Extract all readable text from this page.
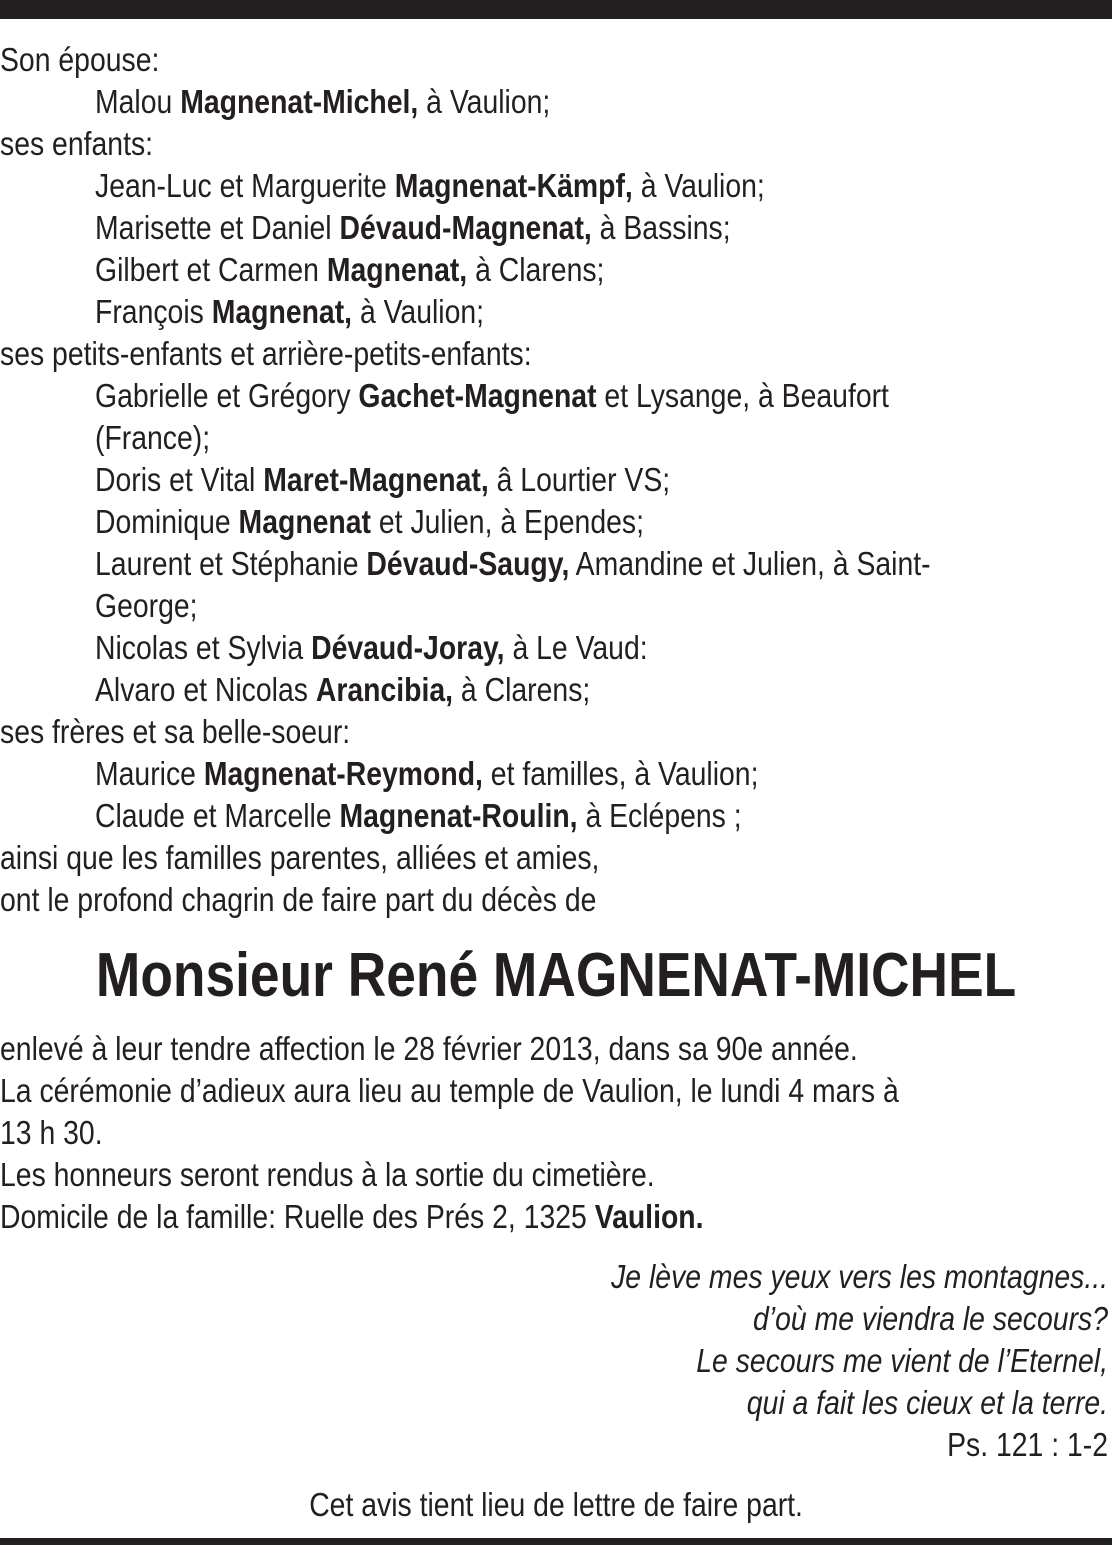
Son épouse:
Malou Magnenat-Michel, à Vaulion;
ses enfants:
Jean-Luc et Marguerite Magnenat-Kämpf, à Vaulion;
Marisette et Daniel Dévaud-Magnenat, à Bassins;
Gilbert et Carmen Magnenat, à Clarens;
François Magnenat, à Vaulion;
ses petits-enfants et arrière-petits-enfants:
Gabrielle et Grégory Gachet-Magnenat et Lysange, à Beaufort
(France);
Doris et Vital Maret-Magnenat, â Lourtier VS;
Dominique Magnenat et Julien, à Ependes;
Laurent et Stéphanie Dévaud-Saugy, Amandine et Julien, à Saint-
George;
Nicolas et Sylvia Dévaud-Joray, à Le Vaud:
Alvaro et Nicolas Arancibia, à Clarens;
ses frères et sa belle-soeur:
Maurice Magnenat-Reymond, et familles, à Vaulion;
Claude et Marcelle Magnenat-Roulin, à Eclépens ;
ainsi que les familles parentes, alliées et amies,
ont le profond chagrin de faire part du décès de
Monsieur René MAGNENAT-MICHEL
enlevé à leur tendre affection le 28 février 2013, dans sa 90e année.
La cérémonie d’adieux aura lieu au temple de Vaulion, le lundi 4 mars à
13 h 30.
Les honneurs seront rendus à la sortie du cimetière.
Domicile de la famille: Ruelle des Prés 2, 1325 Vaulion.
Je lève mes yeux vers les montagnes...
d’où me viendra le secours?
Le secours me vient de l’Eternel,
qui a fait les cieux et la terre.
Ps. 121 : 1-2
Cet avis tient lieu de lettre de faire part.
